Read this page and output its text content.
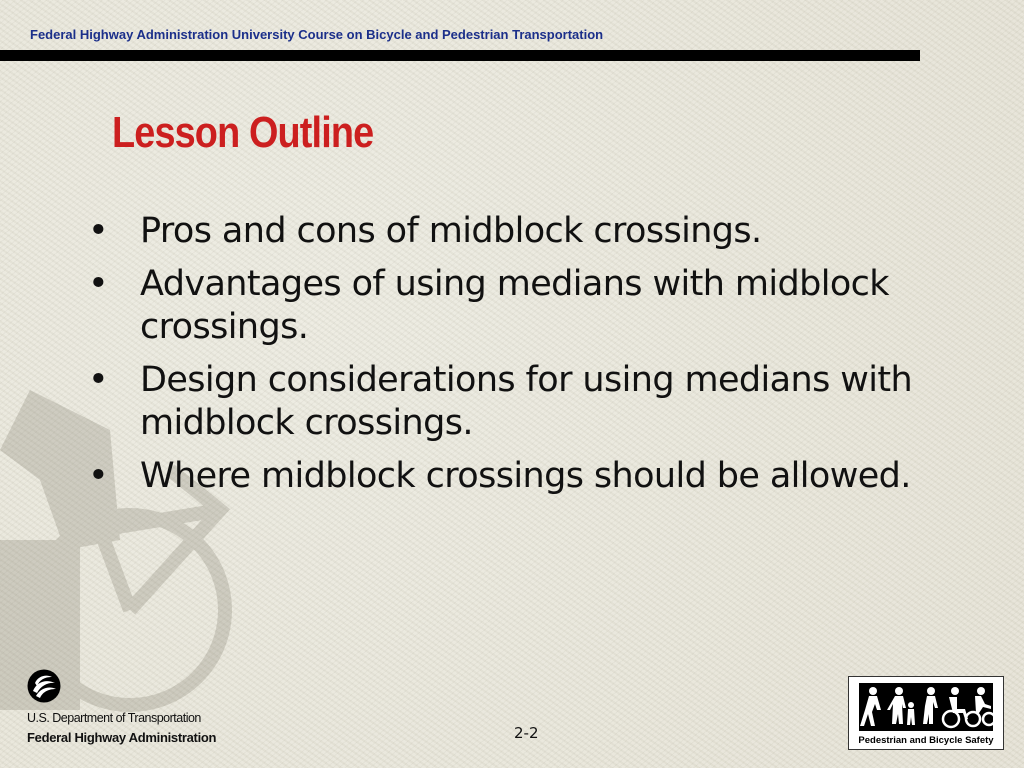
Federal Highway Administration University Course on Bicycle and Pedestrian Transportation
Lesson Outline
• Pros and cons of midblock crossings.
• Advantages of using medians with midblock crossings.
• Design considerations for using medians with midblock crossings.
• Where midblock crossings should be allowed.
U.S. Department of Transportation
Federal Highway Administration	2-2	Pedestrian and Bicycle Safety
